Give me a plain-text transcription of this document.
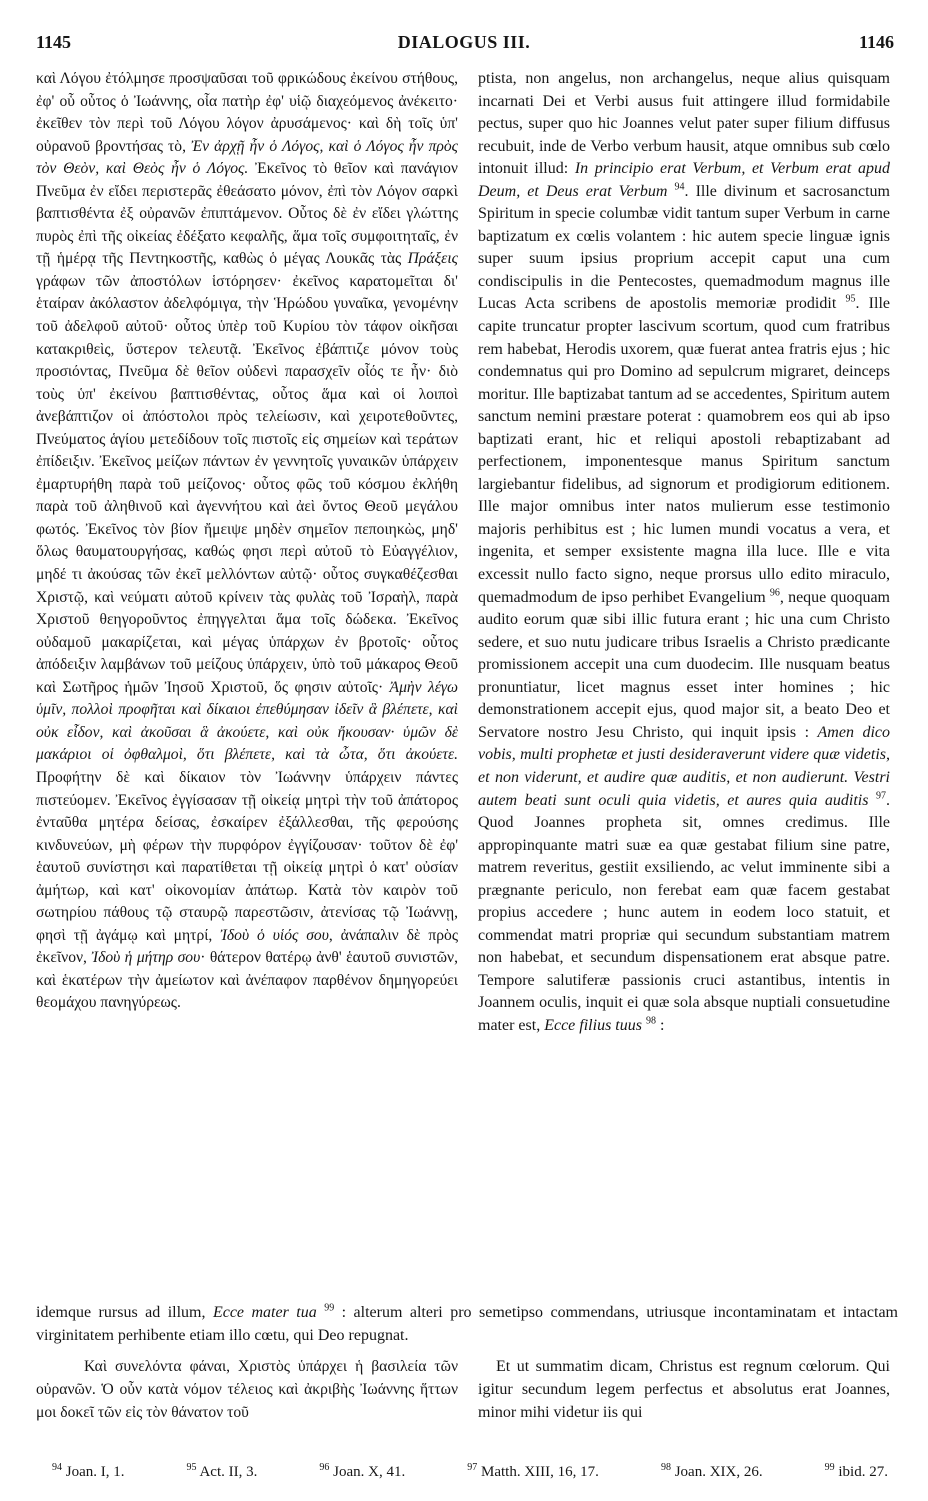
1145	DIALOGUS III.	1146

καὶ Λόγου ἐτόλμησε προσψαῦσαι τοῦ φρικώδους ἐκείνου στήθους, ἐφ' οὗ οὗτος ὁ Ἰωάννης, οἷα πατὴρ ἐφ' υἱῷ διαχεόμενος ἀνέκειτο· ἐκεῖθεν τὸν περὶ τοῦ Λόγου λόγον ἀρυσάμενος· καὶ δὴ τοῖς ὑπ' οὐρανοῦ βροντήσας τὸ, Ἐν ἀρχῇ ἦν ὁ Λόγος, καὶ ὁ Λόγος ἦν πρὸς τὸν Θεὸν, καὶ Θεὸς ἦν ὁ Λόγος. Ἐκεῖνος τὸ θεῖον καὶ πανάγιον Πνεῦμα ἐν εἴδει περιστερᾶς ἐθεάσατο μόνον, ἐπὶ τὸν Λόγον σαρκὶ βαπτισθέντα ἐξ οὐρανῶν ἐπιπτάμενον. Οὗτος δὲ ἐν εἴδει γλώττης πυρὸς ἐπὶ τῆς οἰκείας ἐδέξατο κεφαλῆς, ἅμα τοῖς συμφοιτηταῖς, ἐν τῇ ἡμέρᾳ τῆς Πεντηκοστῆς, καθὼς ὁ μέγας Λουκᾶς τὰς Πράξεις γράφων τῶν ἀποστόλων ἱστόρησεν· ἐκεῖνος καρατομεῖται δι' ἑταίραν ἀκόλαστον ἀδελφόμιγα, τὴν Ἡρώδου γυναῖκα, γενομένην τοῦ ἀδελφοῦ αὐτοῦ· οὗτος ὑπὲρ τοῦ Κυρίου τὸν τάφον οἰκῆσαι κατακριθεὶς, ὕστερον τελευτᾷ. Ἐκεῖνος ἐβάπτιζε μόνον τοὺς προσιόντας, Πνεῦμα δὲ θεῖον οὐδενὶ παρασχεῖν οἷός τε ἦν· διὸ τοὺς ὑπ' ἐκείνου βαπτισθέντας, οὗτος ἅμα καὶ οἱ λοιποὶ ἀνεβάπτιζον οἱ ἀπόστολοι πρὸς τελείωσιν, καὶ χειροτεθοῦντες, Πνεύματος ἁγίου μετεδίδουν τοῖς πιστοῖς εἰς σημείων καὶ τεράτων ἐπίδειξιν. Ἐκεῖνος μείζων πάντων ἐν γεννητοῖς γυναικῶν ὑπάρχειν ἐμαρτυρήθη παρὰ τοῦ μείζονος· οὗτος φῶς τοῦ κόσμου ἐκλήθη παρὰ τοῦ ἀληθινοῦ καὶ ἀγεννήτου καὶ ἀεὶ ὄντος Θεοῦ μεγάλου φωτός. Ἐκεῖνος τὸν βίον ἤμειψε μηδὲν σημεῖον πεποιηκὼς, μηδ' ὅλως θαυματουργήσας, καθώς φησι περὶ αὐτοῦ τὸ Εὐαγγέλιον, μηδέ τι ἀκούσας τῶν ἐκεῖ μελλόντων αὐτῷ· οὗτος συγκαθέζεσθαι Χριστῷ, καὶ νεύματι αὐτοῦ κρίνειν τὰς φυλὰς τοῦ Ἰσραὴλ, παρὰ Χριστοῦ θεηγοροῦντος ἐπηγγελται ἅμα τοῖς δώδεκα. Ἐκεῖνος οὐδαμοῦ μακαρίζεται, καὶ μέγας ὑπάρχων ἐν βροτοῖς· οὗτος ἀπόδειξιν λαμβάνων τοῦ μείζους ὑπάρχειν, ὑπὸ τοῦ μάκαρος Θεοῦ καὶ Σωτῆρος ἡμῶν Ἰησοῦ Χριστοῦ, ὅς φησιν αὐτοῖς· Ἀμὴν λέγω ὑμῖν, πολλοὶ προφῆται καὶ δίκαιοι ἐπεθύμησαν ἰδεῖν ἃ βλέπετε, καὶ οὐκ εἶδον, καὶ ἀκοῦσαι ἃ ἀκούετε, καὶ οὐκ ἤκουσαν· ὑμῶν δὲ μακάριοι οἱ ὀφθαλμοὶ, ὅτι βλέπετε, καὶ τὰ ὦτα, ὅτι ἀκούετε. Προφήτην δὲ καὶ δίκαιον τὸν Ἰωάννην ὑπάρχειν πάντες πιστεύομεν. Ἐκεῖνος ἐγγίσασαν τῇ οἰκείᾳ μητρὶ τὴν τοῦ ἀπάτορος ἐνταῦθα μητέρα δείσας, ἐσκαίρεν ἐξάλλεσθαι, τῆς φερούσης κινδυνεύων, μὴ φέρων τὴν πυρφόρον ἐγγίζουσαν· τοῦτον δὲ ἐφ' ἑαυτοῦ συνίστησι καὶ παρατίθεται τῇ οἰκείᾳ μητρὶ ὁ κατ' οὐσίαν ἀμήτωρ, καὶ κατ' οἰκονομίαν ἀπάτωρ. Κατὰ τὸν καιρὸν τοῦ σωτηρίου πάθους τῷ σταυρῷ παρεστῶσιν, ἀτενίσας τῷ Ἰωάννῃ, φησὶ τῇ ἀγάμῳ καὶ μητρί, Ἰδοὺ ὁ υἱός σου, ἀνάπαλιν δὲ πρὸς ἐκεῖνον, Ἰδοὺ ἡ μήτηρ σου· θάτερον θατέρῳ ἀνθ' ἑαυτοῦ συνιστῶν, καὶ ἑκατέρων τὴν ἀμείωτον καὶ ἀνέπαφον παρθένον δημηγορεύει θεομάχου πανηγύρεως.

ptista, non angelus, non archangelus, neque alius quisquam incarnati Dei et Verbi ausus fuit attingere illud formidabile pectus, super quo hic Joannes velut pater super filium diffusus recubuit, inde de Verbo verbum hausit, atque omnibus sub cœlo intonuit illud: In principio erat Verbum, et Verbum erat apud Deum, et Deus erat Verbum $^{94}$. Ille divinum et sacrosanctum Spiritum in specie columbæ vidit tantum super Verbum in carne baptizatum ex cœlis volantem : hic autem specie linguæ ignis super suum ipsius proprium accepit caput una cum condiscipulis in die Pentecostes, quemadmodum magnus ille Lucas Acta scribens de apostolis memoriæ prodidit $^{95}$. Ille capite truncatur propter lascivum scortum, quod cum fratribus rem habebat, Herodis uxorem, quæ fuerat antea fratris ejus ; hic condemnatus qui pro Domino ad sepulcrum migraret, deinceps moritur. Ille baptizabat tantum ad se accedentes, Spiritum autem sanctum nemini præstare poterat : quamobrem eos qui ab ipso baptizati erant, hic et reliqui apostoli rebaptizabant ad perfectionem, imponentesque manus Spiritum sanctum largiebantur fidelibus, ad signorum et prodigiorum editionem. Ille major omnibus inter natos mulierum esse testimonio majoris perhibitus est ; hic lumen mundi vocatus a vera, et ingenita, et semper exsistente magna illa luce. Ille e vita excessit nullo facto signo, neque prorsus ullo edito miraculo, quemadmodum de ipso perhibet Evangelium $^{96}$, neque quoquam audito eorum quæ sibi illic futura erant ; hic una cum Christo sedere, et suo nutu judicare tribus Israelis a Christo prædicante promissionem accepit una cum duodecim. Ille nusquam beatus pronuntiatur, licet magnus esset inter homines ; hic demonstrationem accepit ejus, quod major sit, a beato Deo et Servatore nostro Jesu Christo, qui inquit ipsis : Amen dico vobis, multi prophetæ et justi desideraverunt videre quæ videtis, et non viderunt, et audire quæ auditis, et non audierunt. Vestri autem beati sunt oculi quia videtis, et aures quia auditis $^{97}$. Quod Joannes propheta sit, omnes credimus. Ille appropinquante matri suæ ea quæ gestabat filium sine patre, matrem reveritus, gestiit exsiliendo, ac velut imminente sibi a prægnante periculo, non ferebat eam quæ facem gestabat propius accedere ; hunc autem in eodem loco statuit, et commendat matri propriæ qui secundum substantiam matrem non habebat, et secundum dispensationem erat absque patre. Tempore salutiferæ passionis cruci astantibus, intentis in Joannem oculis, inquit ei quæ sola absque nuptiali consuetudine mater est, Ecce filius tuus $^{98}$ :

idemque rursus ad illum, Ecce mater tua $^{99}$ : alterum alteri pro semetipso commendans, utriusque incontaminatam et intactam virginitatem perhibente etiam illo cœtu, qui Deo repugnat.

Καὶ συνελόντα φάναι, Χριστὸς ὑπάρχει ἡ βασιλεία τῶν οὐρανῶν. Ὁ οὖν κατὰ νόμον τέλειος καὶ ἀκριβὴς Ἰωάννης ἥττων μοι δοκεῖ τῶν εἰς τὸν θάνατον τοῦ

Et ut summatim dicam, Christus est regnum cœlorum. Qui igitur secundum legem perfectus et absolutus erat Joannes, minor mihi videtur iis qui

$^{94}$ Joan. I, 1.	$^{95}$ Act. II, 3.	$^{96}$ Joan. X, 41.	$^{97}$ Matth. XIII, 16, 17.	$^{98}$ Joan. XIX, 26.	$^{99}$ ibid. 27.
